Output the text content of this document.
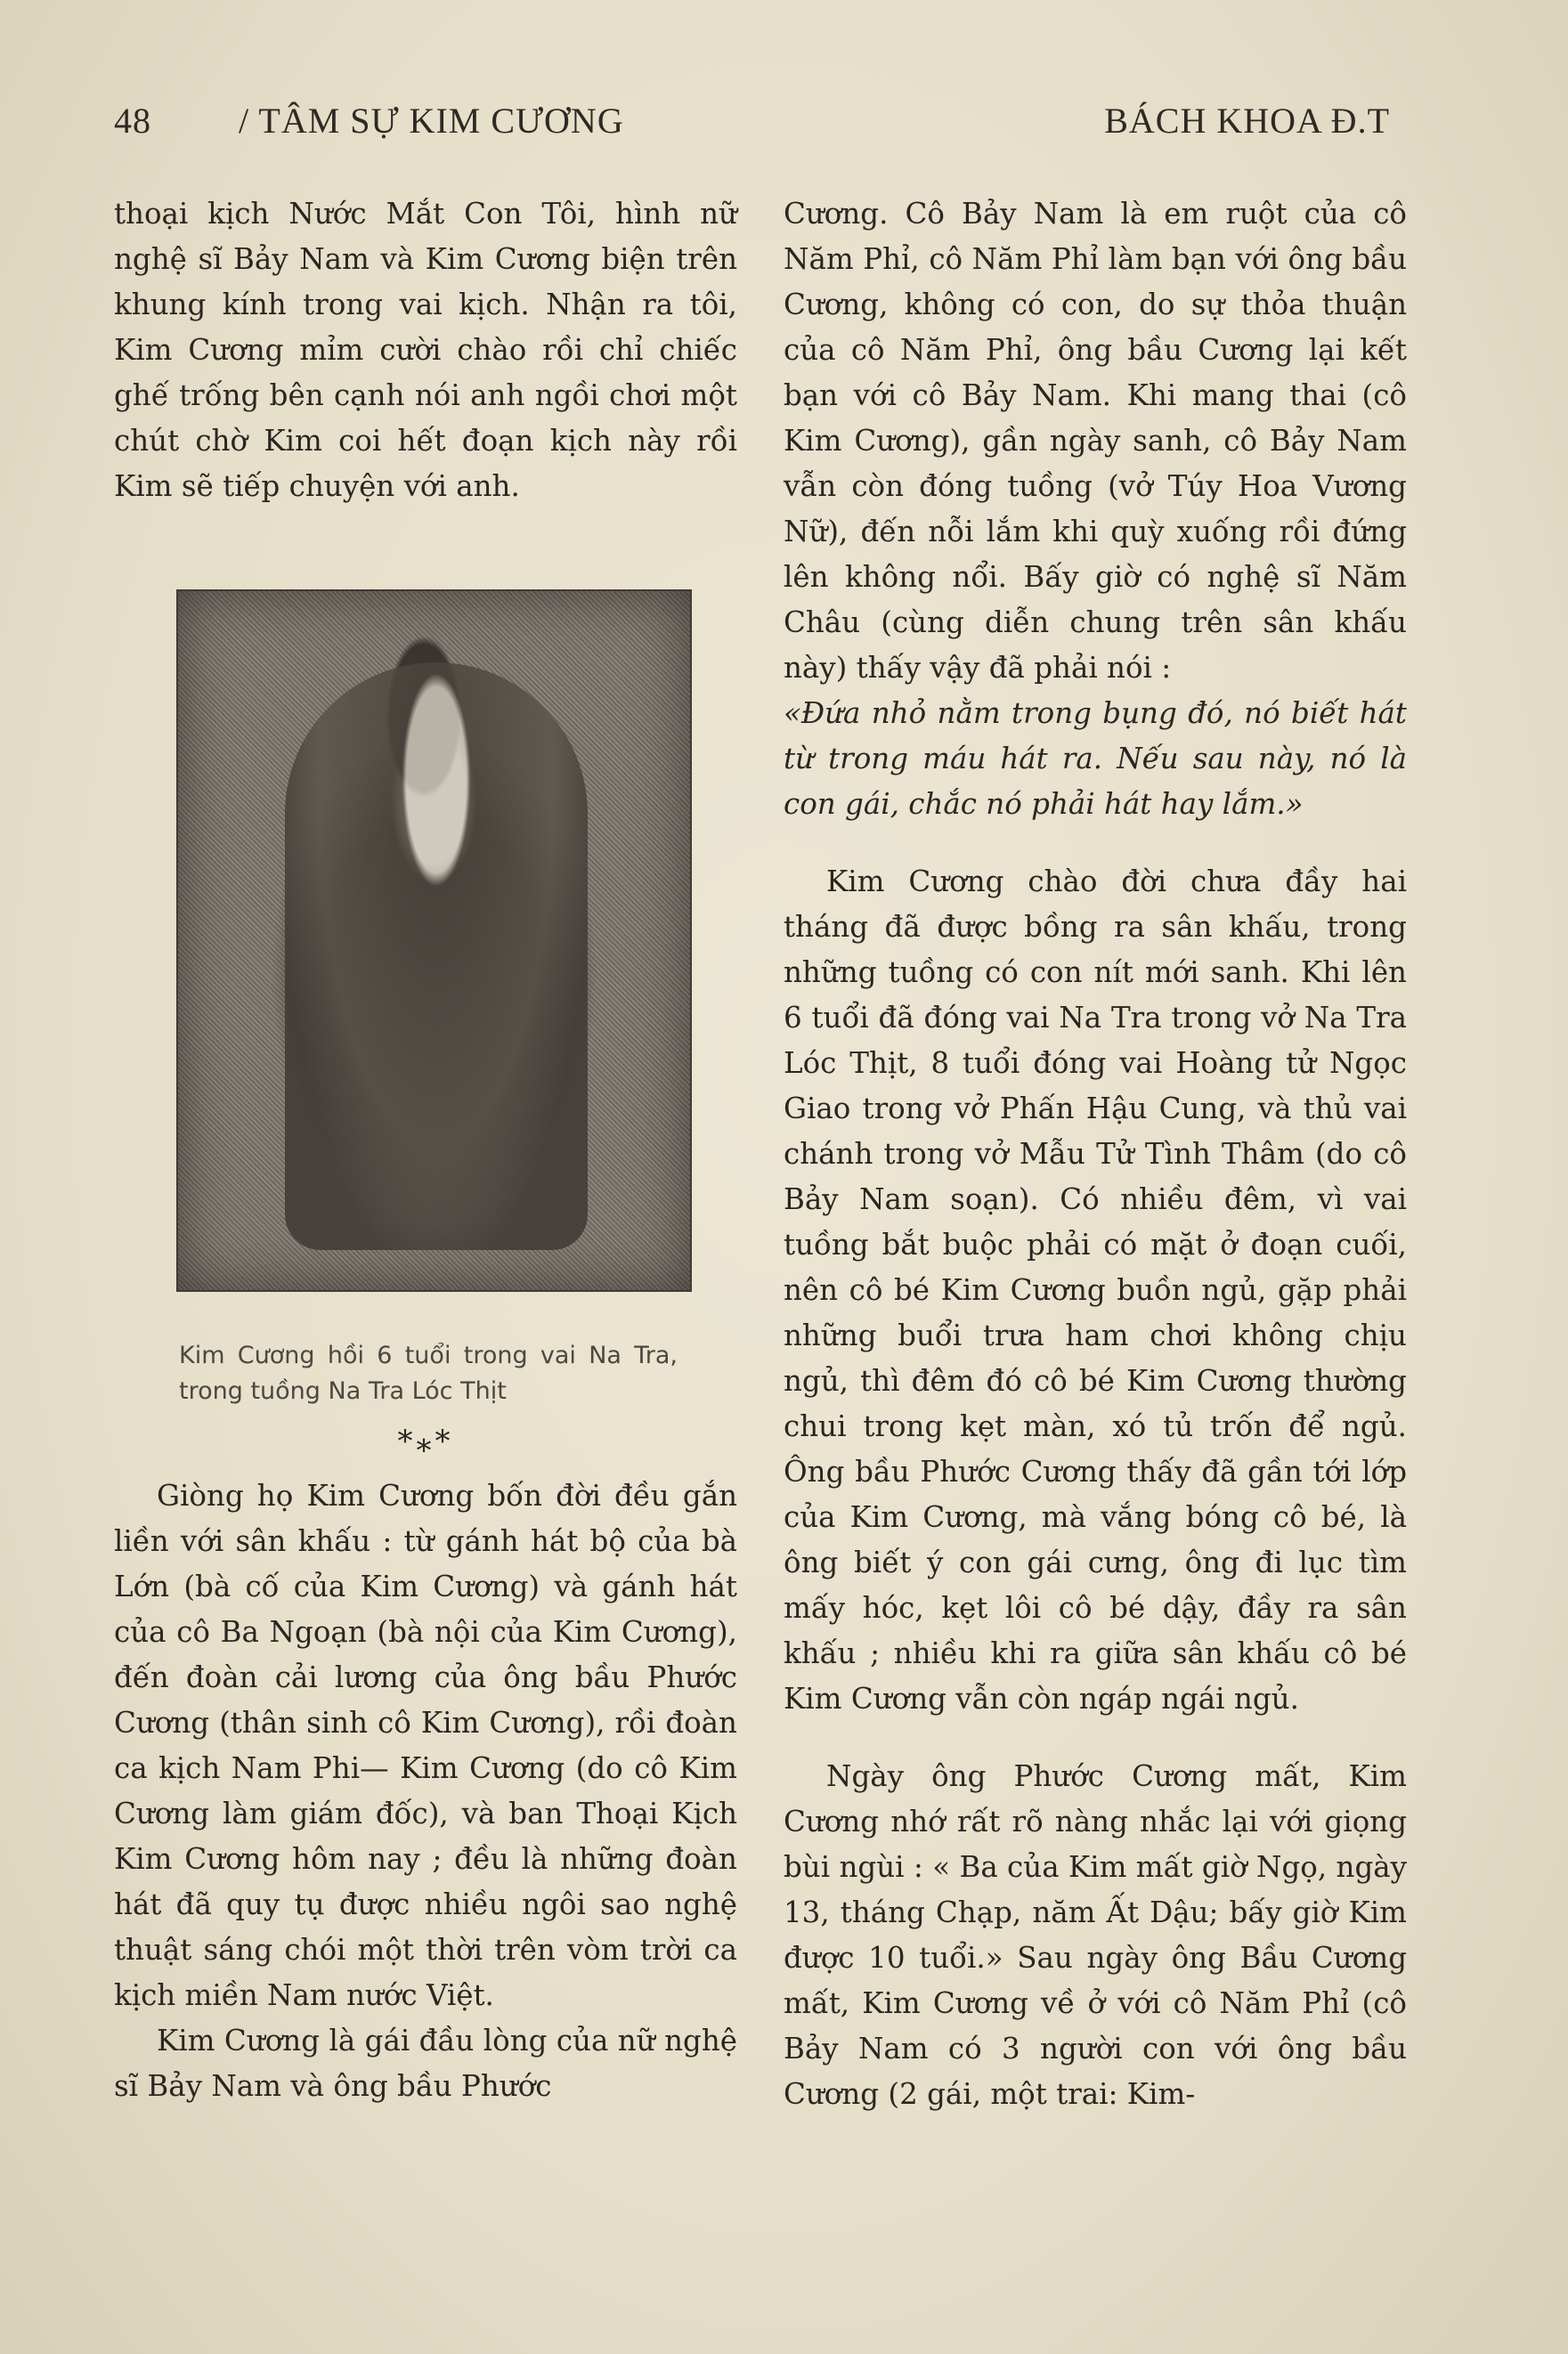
48 / TÂM SỰ KIM CƯƠNG	BÁCH KHOA Đ.T

thoại kịch Nước Mắt Con Tôi, hình nữ nghệ sĩ Bảy Nam và Kim Cương biện trên khung kính trong vai kịch. Nhận ra tôi, Kim Cương mỉm cười chào rồi chỉ chiếc ghế trống bên cạnh nói anh ngồi chơi một chút chờ Kim coi hết đoạn kịch này rồi Kim sẽ tiếp chuyện với anh.

Kim Cương hồi 6 tuổi trong vai Na Tra, trong tuồng Na Tra Lóc Thịt
*⁎*

Giòng họ Kim Cương bốn đời đều gắn liền với sân khấu : từ gánh hát bộ của bà Lớn (bà cố của Kim Cương) và gánh hát của cô Ba Ngoạn (bà nội của Kim Cương), đến đoàn cải lương của ông bầu Phước Cương (thân sinh cô Kim Cương), rồi đoàn ca kịch Nam Phi— Kim Cương (do cô Kim Cương làm giám đốc), và ban Thoại Kịch Kim Cương hôm nay ; đều là những đoàn hát đã quy tụ được nhiều ngôi sao nghệ thuật sáng chói một thời trên vòm trời ca kịch miền Nam nước Việt.

Kim Cương là gái đầu lòng của nữ nghệ sĩ Bảy Nam và ông bầu Phước

Cương. Cô Bảy Nam là em ruột của cô Năm Phỉ, cô Năm Phỉ làm bạn với ông bầu Cương, không có con, do sự thỏa thuận của cô Năm Phỉ, ông bầu Cương lại kết bạn với cô Bảy Nam. Khi mang thai (cô Kim Cương), gần ngày sanh, cô Bảy Nam vẫn còn đóng tuồng (vở Túy Hoa Vương Nữ), đến nỗi lắm khi quỳ xuống rồi đứng lên không nổi. Bấy giờ có nghệ sĩ Năm Châu (cùng diễn chung trên sân khấu này) thấy vậy đã phải nói :

«Đứa nhỏ nằm trong bụng đó, nó biết hát từ trong máu hát ra. Nếu sau này, nó là con gái, chắc nó phải hát hay lắm.»

Kim Cương chào đời chưa đầy hai tháng đã được bồng ra sân khấu, trong những tuồng có con nít mới sanh. Khi lên 6 tuổi đã đóng vai Na Tra trong vở Na Tra Lóc Thịt, 8 tuổi đóng vai Hoàng tử Ngọc Giao trong vở Phấn Hậu Cung, và thủ vai chánh trong vở Mẫu Tử Tình Thâm (do cô Bảy Nam soạn). Có nhiều đêm, vì vai tuồng bắt buộc phải có mặt ở đoạn cuối, nên cô bé Kim Cương buồn ngủ, gặp phải những buổi trưa ham chơi không chịu ngủ, thì đêm đó cô bé Kim Cương thường chui trong kẹt màn, xó tủ trốn để ngủ. Ông bầu Phước Cương thấy đã gần tới lớp của Kim Cương, mà vắng bóng cô bé, là ông biết ý con gái cưng, ông đi lục tìm mấy hóc, kẹt lôi cô bé dậy, đầy ra sân khấu ; nhiều khi ra giữa sân khấu cô bé Kim Cương vẫn còn ngáp ngái ngủ.

Ngày ông Phước Cương mất, Kim Cương nhớ rất rõ nàng nhắc lại với giọng bùi ngùi : « Ba của Kim mất giờ Ngọ, ngày 13, tháng Chạp, năm Ất Dậu; bấy giờ Kim được 10 tuổi.» Sau ngày ông Bầu Cương mất, Kim Cương về ở với cô Năm Phỉ (cô Bảy Nam có 3 người con với ông bầu Cương (2 gái, một trai: Kim-
